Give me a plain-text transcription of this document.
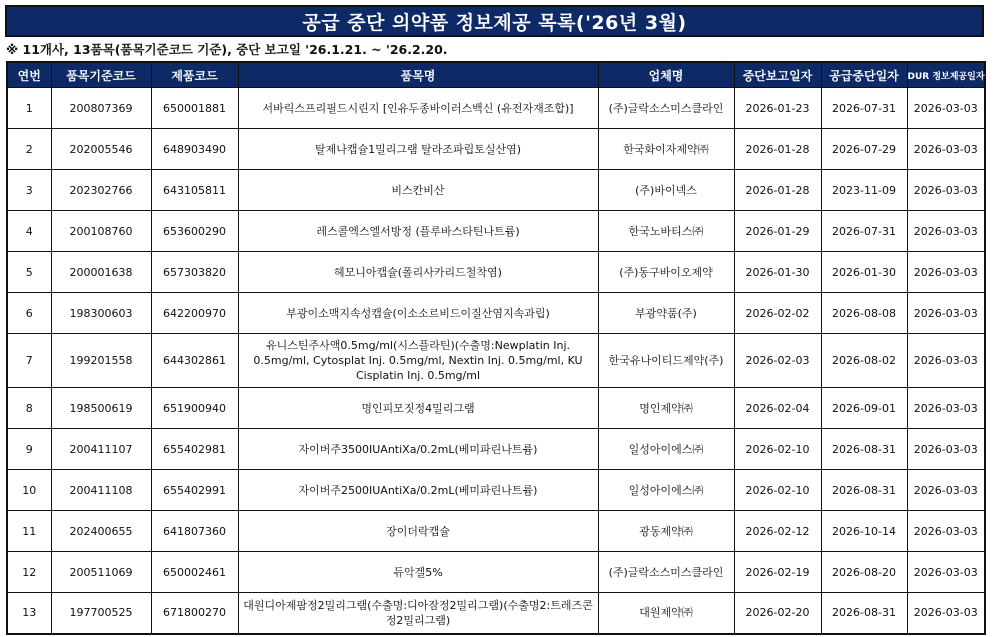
공급 중단 의약품 정보제공 목록('26년 3월)
※ 11개사, 13품목(품목기준코드 기준), 중단 보고일 '26.1.21. ~ '26.2.20.
연번	품목기준코드	제품코드	품목명	업체명	중단보고일자	공급중단일자	DUR 정보제공일자
1	200807369	650001881	서바릭스프리필드시린지 [인유두종바이러스백신 (유전자재조합)]	(주)글락소스미스클라인	2026-01-23	2026-07-31	2026-03-03
2	202005546	648903490	탈제나캡슐1밀리그램 탈라조파립토실산염)	한국화이자제약㈜	2026-01-28	2026-07-29	2026-03-03
3	202302766	643105811	비스칸비산	(주)바이넥스	2026-01-28	2023-11-09	2026-03-03
4	200108760	653600290	레스콜엑스엘서방정 (플루바스타틴나트륨)	한국노바티스㈜	2026-01-29	2026-07-31	2026-03-03
5	200001638	657303820	헤모니아캡슐(폴리사카리드철착염)	(주)동구바이오제약	2026-01-30	2026-01-30	2026-03-03
6	198300603	642200970	부광이소맥지속성캡슐(이소소르비드이질산염지속과립)	부광약품(주)	2026-02-02	2026-08-08	2026-03-03
7	199201558	644302861	유니스틴주사액0.5mg/ml(시스플라틴)(수출명:Newplatin Inj. 0.5mg/ml, Cytosplat Inj. 0.5mg/ml, Nextin Inj. 0.5mg/ml, KU Cisplatin Inj. 0.5mg/ml	한국유나이티드제약(주)	2026-02-03	2026-08-02	2026-03-03
8	198500619	651900940	명인피모짓정4밀리그램	명인제약㈜	2026-02-04	2026-09-01	2026-03-03
9	200411107	655402981	자이버주3500IUAntiXa/0.2mL(베미파린나트륨)	일성아이에스㈜	2026-02-10	2026-08-31	2026-03-03
10	200411108	655402991	자이버주2500IUAntiXa/0.2mL(베미파린나트륨)	일성아이에스㈜	2026-02-10	2026-08-31	2026-03-03
11	202400655	641807360	장이더락캡슐	광동제약㈜	2026-02-12	2026-10-14	2026-03-03
12	200511069	650002461	듀악겔5%	(주)글락소스미스클라인	2026-02-19	2026-08-20	2026-03-03
13	197700525	671800270	대원디아제팜정2밀리그램(수출명:디아잠정2밀리그램)(수출명2:트레즈콘정2밀리그램)	대원제약㈜	2026-02-20	2026-08-31	2026-03-03
